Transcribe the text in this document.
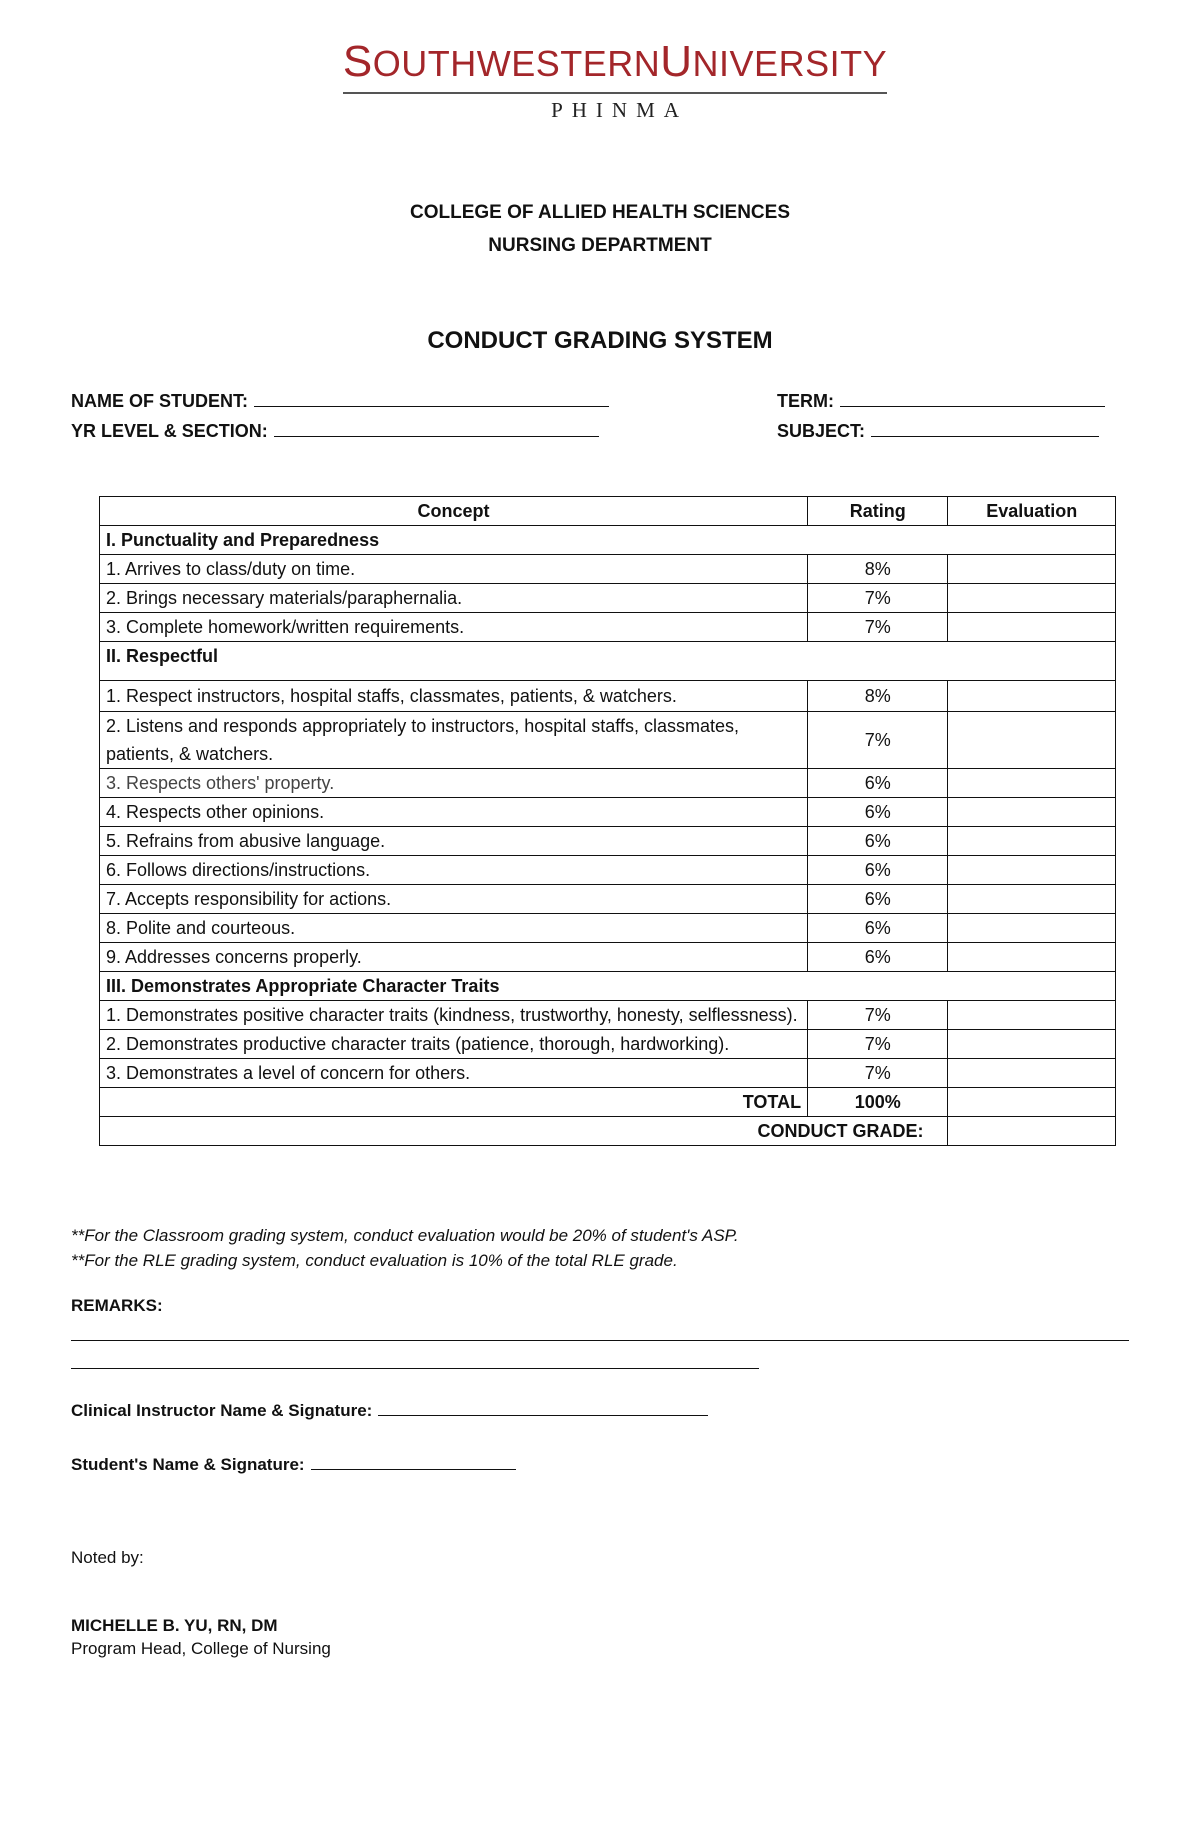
SOUTHWESTERNUNIVERSITY
PHINMA
COLLEGE OF ALLIED HEALTH SCIENCES
NURSING DEPARTMENT
CONDUCT GRADING SYSTEM
NAME OF STUDENT:
YR LEVEL & SECTION:
TERM:
SUBJECT:
Concept	Rating	Evaluation
I. Punctuality and Preparedness		
1. Arrives to class/duty on time.	8%	
2. Brings necessary materials/paraphernalia.	7%	
3. Complete homework/written requirements.	7%	
II. Respectful		
1. Respect instructors, hospital staffs, classmates, patients, & watchers.	8%	
2. Listens and responds appropriately to instructors, hospital staffs, classmates, patients, & watchers.	7%	
3. Respects others' property.	6%	
4. Respects other opinions.	6%	
5. Refrains from abusive language.	6%	
6. Follows directions/instructions.	6%	
7. Accepts responsibility for actions.	6%	
8. Polite and courteous.	6%	
9. Addresses concerns properly.	6%	
III. Demonstrates Appropriate Character Traits		
1. Demonstrates positive character traits (kindness, trustworthy, honesty, selflessness).	7%	
2. Demonstrates productive character traits (patience, thorough, hardworking).	7%	
3. Demonstrates a level of concern for others.	7%	
TOTAL	100%	
CONDUCT GRADE:		
**For the Classroom grading system, conduct evaluation would be 20% of student's ASP.
**For the RLE grading system, conduct evaluation is 10% of the total RLE grade.
REMARKS:
Clinical Instructor Name & Signature:
Student's Name & Signature:
Noted by:
MICHELLE B. YU, RN, DM
Program Head, College of Nursing
